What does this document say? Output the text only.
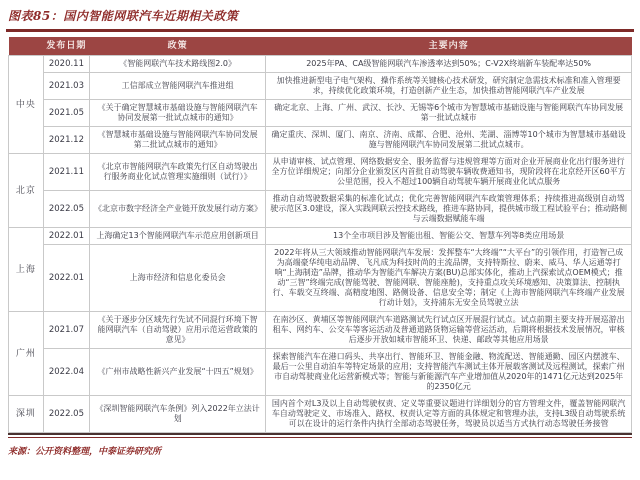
图表85：国内智能网联汽车近期相关政策
	发布日期	政策	主要内容
中央	2020.11	《智能网联汽车技术路线图2.0》	2025年PA、CA级智能网联汽车渗透率达到50%；C-V2X终端新车装配率达50%
	2021.03	工信部成立智能网联汽车推进组	加快推进新型电子电气架构、操作系统等关键核心技术研发，研究制定急需技术标准和准入管理要求，持续优化政策环境，打造创新产业生态，加快推动智能网联汽车产业发展
	2021.05	《关于确定智慧城市基础设施与智能网联汽车协同发展第一批试点城市的通知》	确定北京、上海、广州、武汉、长沙、无锡等6个城市为智慧城市基础设施与智能网联汽车协同发展第一批试点城市
	2021.12	《智慧城市基础设施与智能网联汽车协同发展第二批试点城市的通知》	确定重庆、深圳、厦门、南京、济南、成都、合肥、沧州、芜湖、淄博等10个城市为智慧城市基础设施与智能网联汽车协同发展第二批试点城市。
北京	2021.11	《北京市智能网联汽车政策先行区自动驾驶出行服务商业化试点管理实施细则（试行）》	从申请审核、试点管理、网络数据安全、服务监督与违规管理等方面对企业开展商业化出行服务进行全方位详细规定；向部分企业颁发区内首批自动驾驶车辆收费通知书，现阶段将在北京经开区60平方公里范围，投入不超过100辆自动驾驶车辆开展商业化试点服务
	2022.05	《北京市数字经济全产业链开放发展行动方案》	推动自动驾驶数据采集的标准化试点；优化完善智能网联汽车政策管理体系；持续推进高级别自动驾驶示范区3.0建设，深入实践网联云控技术路线，推进车路协同，提供城市级工程试验平台；推动路侧与云端数据赋能车端
上海	2022.01	上海确定13个智能网联汽车示范应用创新项目	13个全市项目涉及智能出租、智能公交、智慧车列等8类应用场景
	2022.01	上海市经济和信息化委员会	2022年将从三大领域推动智能网联汽车发展：发挥整车“大终端”“大平台”的引领作用，打造智己成为高端豪华纯电动品牌、飞凡成为科技时尚的主流品牌，支持特斯拉、蔚来、威马、华人运通等打响“上海制造”品牌，推动华为智能汽车解决方案(BU)总部实体化，推动上汽探索试点OEM模式；推动“三智”终端完成(智能驾驶、智能网联、智能座舱)，支持重点攻关环境感知、决策算法、控制执行、车载交互终端、高精度地图、路侧设备、信息安全等；制定《上海市智能网联汽车终端产业发展行动计划》，支持浦东无安全员驾驶立法
广州	2021.07	《关于逐步分区域先行先试不同混行环境下智能网联汽车（自动驾驶）应用示范运营政策的意见》	在南沙区、黄埔区等智能网联汽车道路测试先行试点区开展混行试点。试点前期主要支持开展巡游出租车、网约车、公交车等客运活动及普通道路货物运输等营运活动，后期将根据技术发展情况，审核后逐步开放如城市智能环卫、快递、邮政等其他应用场景
	2022.04	《广州市战略性新兴产业发展“十四五”规划》	探索智能汽车在港口码头、共享出行、智能环卫、智能金融、物流配送、智能通勤、园区内摆渡车、最后一公里自动泊车等特定场景的应用；支持智能汽车测试主体开展载客测试及远程测试，探索广州市自动驾驶商业化运营新模式等；智能与新能源汽车产业增加值从2020年的1471亿元达到2025年的2350亿元
深圳	2022.05	《深圳智能网联汽车条例》列入2022年立法计划	国内首个对L3及以上自动驾驶权责、定义等重要议题进行详细划分的官方管理文件，覆盖智能网联汽车自动驾驶定义、市场准入、路权、权责认定等方面的具体规定和管理办法，支持L3级自动驾驶系统可以在设计的运行条件内执行全部动态驾驶任务，驾驶员以适当方式执行动态驾驶任务接管
来源：公开资料整理，中泰证券研究所
